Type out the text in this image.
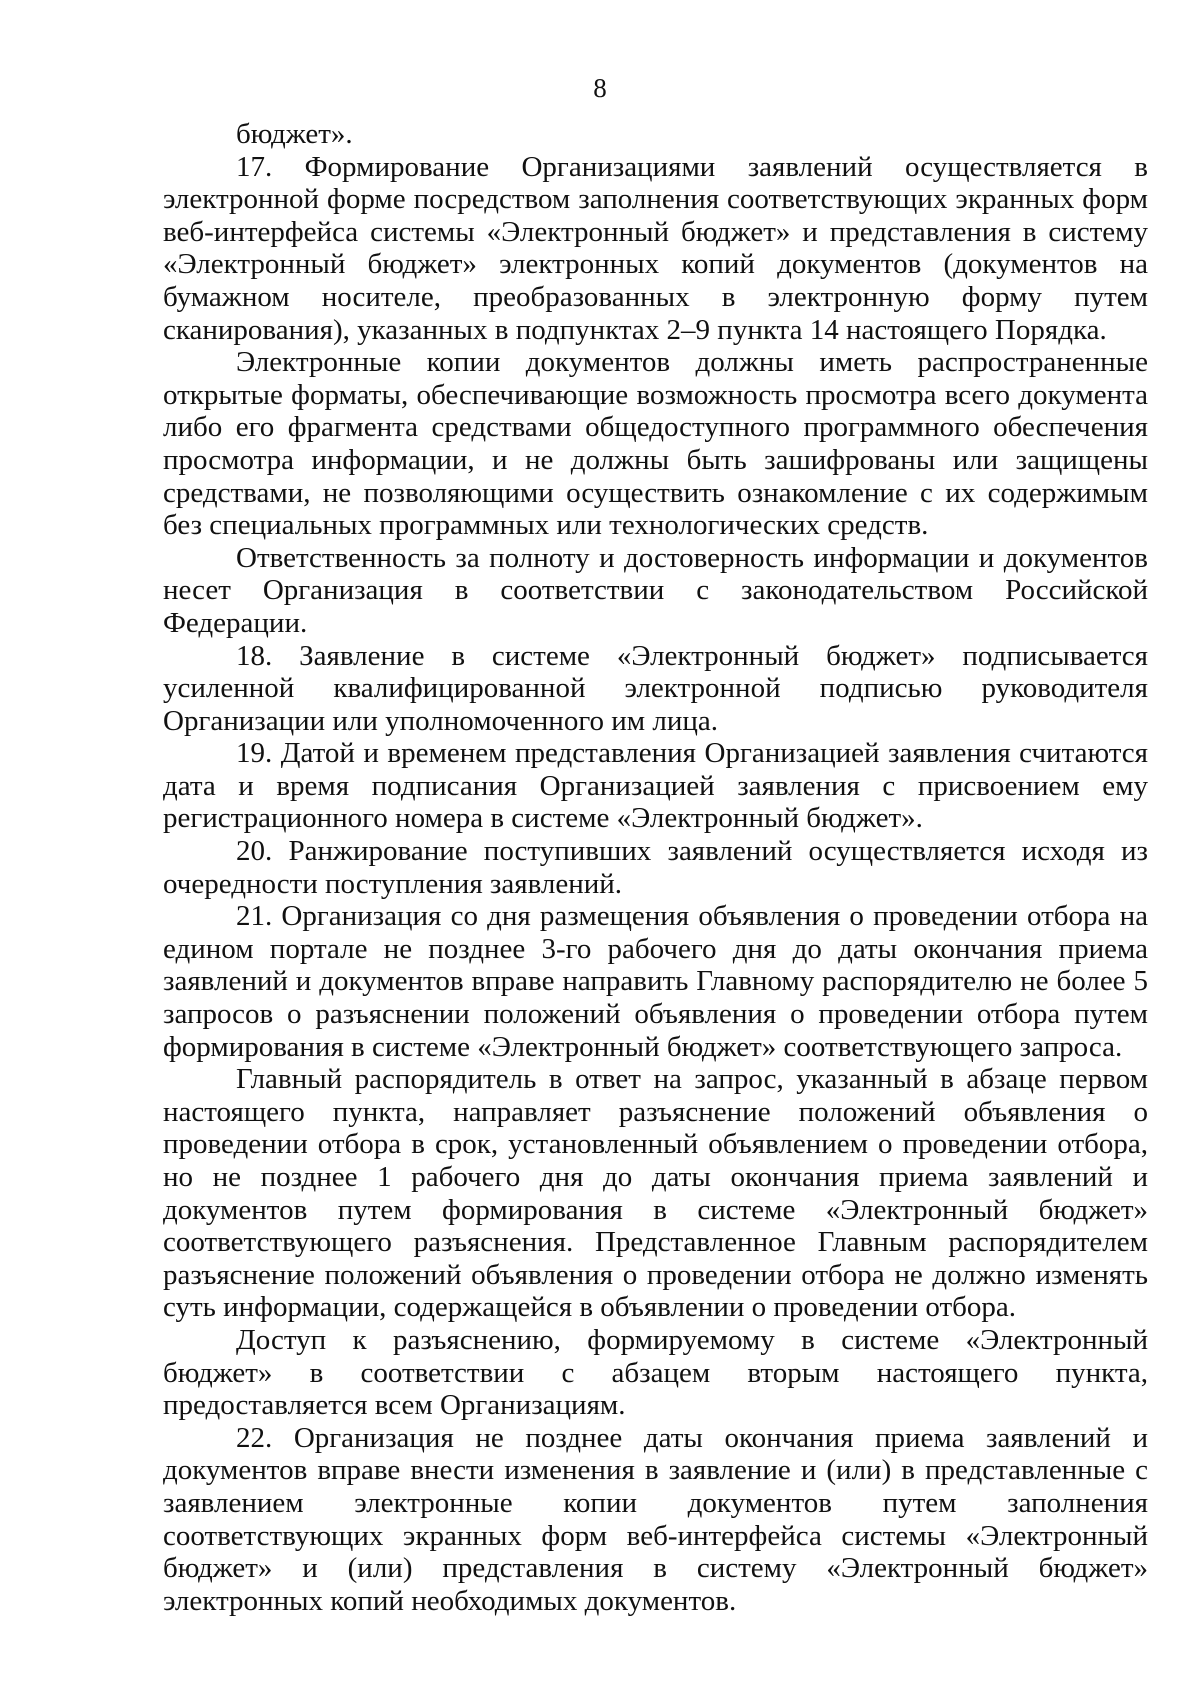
8

бюджет».

17. Формирование Организациями заявлений осуществляется в электронной форме посредством заполнения соответствующих экранных форм веб-интерфейса системы «Электронный бюджет» и представления в систему «Электронный бюджет» электронных копий документов (документов на бумажном носителе, преобразованных в электронную форму путем сканирования), указанных в подпунктах 2–9 пункта 14 настоящего Порядка.

Электронные копии документов должны иметь распространенные открытые форматы, обеспечивающие возможность просмотра всего документа либо его фрагмента средствами общедоступного программного обеспечения просмотра информации, и не должны быть зашифрованы или защищены средствами, не позволяющими осуществить ознакомление с их содержимым без специальных программных или технологических средств.

Ответственность за полноту и достоверность информации и документов несет Организация в соответствии с законодательством Российской Федерации.

18. Заявление в системе «Электронный бюджет» подписывается усиленной квалифицированной электронной подписью руководителя Организации или уполномоченного им лица.

19. Датой и временем представления Организацией заявления считаются дата и время подписания Организацией заявления с присвоением ему регистрационного номера в системе «Электронный бюджет».

20. Ранжирование поступивших заявлений осуществляется исходя из очередности поступления заявлений.

21. Организация со дня размещения объявления о проведении отбора на едином портале не позднее 3-го рабочего дня до даты окончания приема заявлений и документов вправе направить Главному распорядителю не более 5 запросов о разъяснении положений объявления о проведении отбора путем формирования в системе «Электронный бюджет» соответствующего запроса.

Главный распорядитель в ответ на запрос, указанный в абзаце первом настоящего пункта, направляет разъяснение положений объявления о проведении отбора в срок, установленный объявлением о проведении отбора, но не позднее 1 рабочего дня до даты окончания приема заявлений и документов путем формирования в системе «Электронный бюджет» соответствующего разъяснения. Представленное Главным распорядителем разъяснение положений объявления о проведении отбора не должно изменять суть информации, содержащейся в объявлении о проведении отбора.

Доступ к разъяснению, формируемому в системе «Электронный бюджет» в соответствии с абзацем вторым настоящего пункта, предоставляется всем Организациям.

22. Организация не позднее даты окончания приема заявлений и документов вправе внести изменения в заявление и (или) в представленные с заявлением электронные копии документов путем заполнения соответствующих экранных форм веб-интерфейса системы «Электронный бюджет» и (или) представления в систему «Электронный бюджет» электронных копий необходимых документов.
